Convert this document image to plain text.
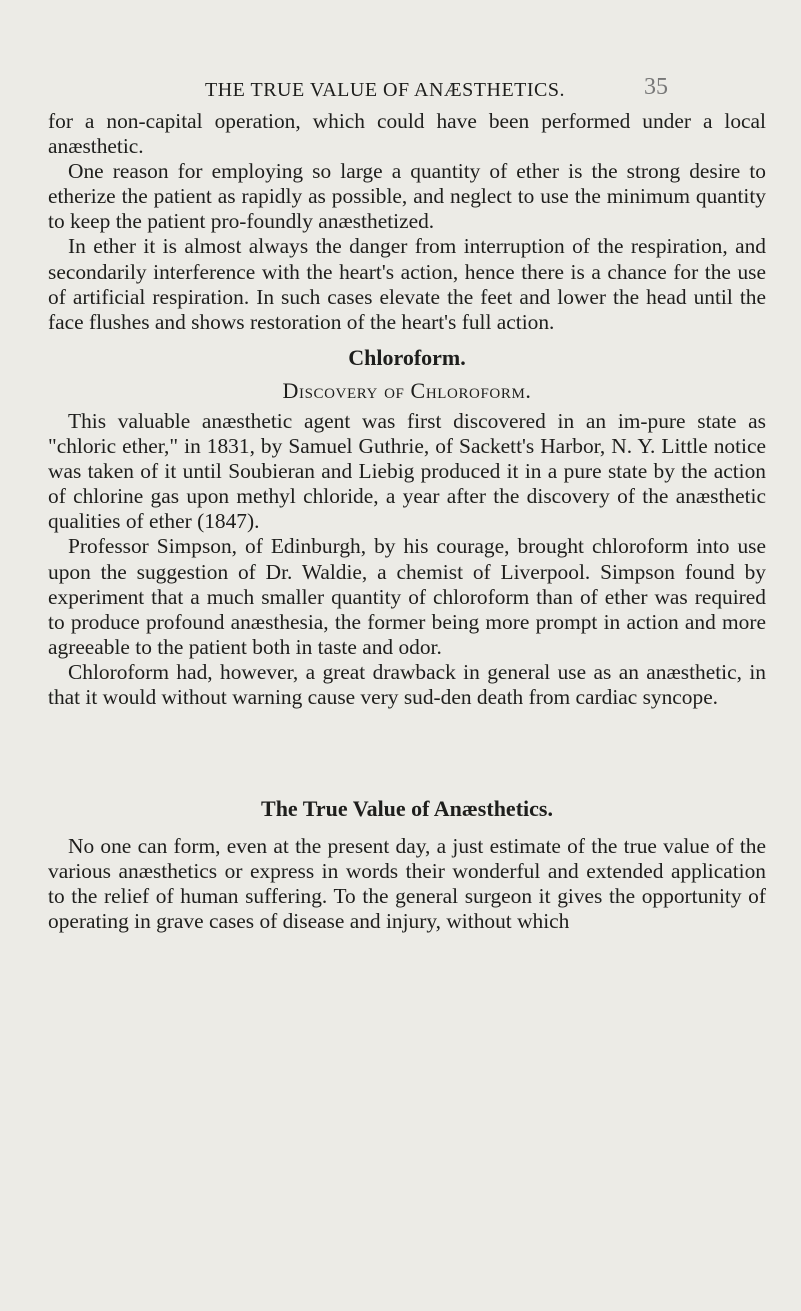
THE TRUE VALUE OF ANÆSTHETICS.	35

for a non-capital operation, which could have been performed under a local anæsthetic.

One reason for employing so large a quantity of ether is the strong desire to etherize the patient as rapidly as possible, and neglect to use the minimum quantity to keep the patient pro-foundly anæsthetized.

In ether it is almost always the danger from interruption of the respiration, and secondarily interference with the heart's action, hence there is a chance for the use of artificial respiration. In such cases elevate the feet and lower the head until the face flushes and shows restoration of the heart's full action.

Chloroform.
Discovery of Chloroform.

This valuable anæsthetic agent was first discovered in an im-pure state as "chloric ether," in 1831, by Samuel Guthrie, of Sackett's Harbor, N. Y. Little notice was taken of it until Soubieran and Liebig produced it in a pure state by the action of chlorine gas upon methyl chloride, a year after the discovery of the anæsthetic qualities of ether (1847).

Professor Simpson, of Edinburgh, by his courage, brought chloroform into use upon the suggestion of Dr. Waldie, a chemist of Liverpool. Simpson found by experiment that a much smaller quantity of chloroform than of ether was required to produce profound anæsthesia, the former being more prompt in action and more agreeable to the patient both in taste and odor.

Chloroform had, however, a great drawback in general use as an anæsthetic, in that it would without warning cause very sud-den death from cardiac syncope.

The True Value of Anæsthetics.

No one can form, even at the present day, a just estimate of the true value of the various anæsthetics or express in words their wonderful and extended application to the relief of human suffering. To the general surgeon it gives the opportunity of operating in grave cases of disease and injury, without which
